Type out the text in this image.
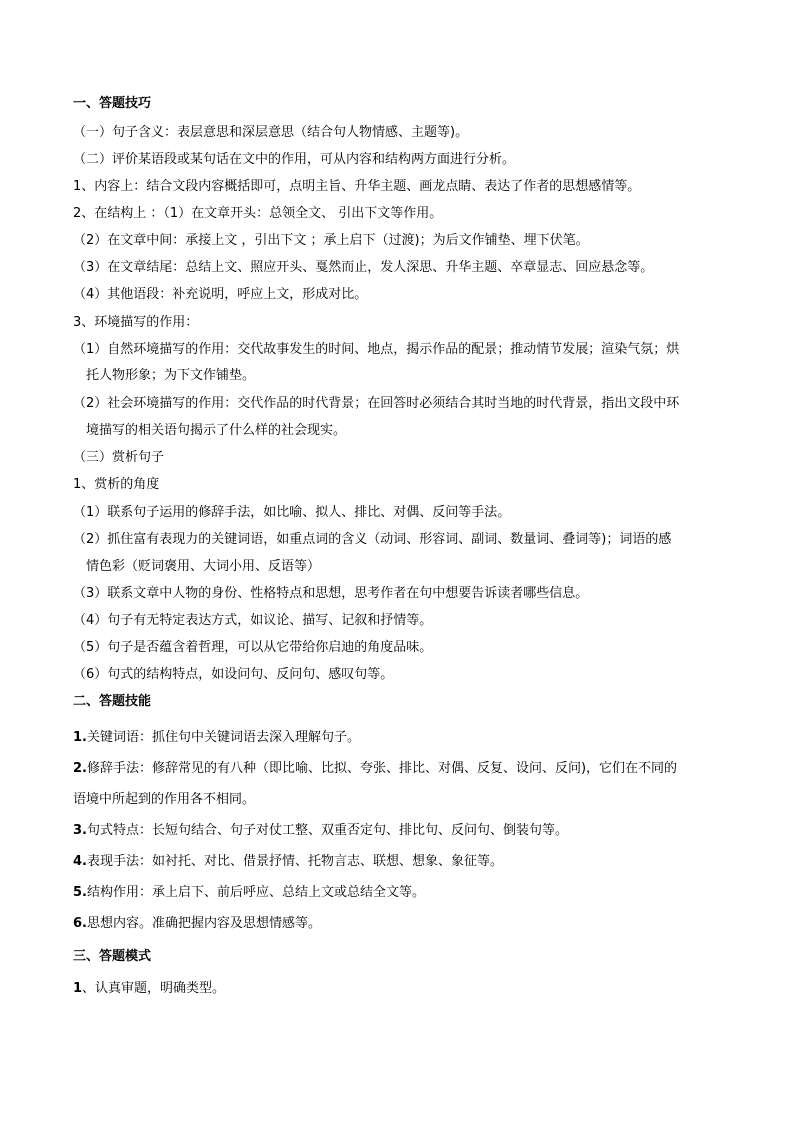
一、答题技巧

（一）句子含义：表层意思和深层意思（结合句人物情感、主题等)。

（二）评价某语段或某句话在文中的作用，可从内容和结构两方面进行分析。

1、内容上：结合文段内容概括即可，点明主旨、升华主题、画龙点睛、表达了作者的思想感情等。

2、在结构上 ：（1）在文章开头：总领全文、 引出下文等作用。

（2）在文章中间：承接上文 ，引出下文 ；承上启下（过渡)；为后文作铺垫、埋下伏笔。

（3）在文章结尾：总结上文、照应开头、戛然而止，发人深思、升华主题、卒章显志、回应悬念等。

（4）其他语段：补充说明，呼应上文，形成对比。

3、环境描写的作用：

（1）自然环境描写的作用：交代故事发生的时间、地点，揭示作品的配景；推动情节发展；渲染气氛；烘

托人物形象；为下文作铺垫。

（2）社会环境描写的作用：交代作品的时代背景；在回答时必须结合其时当地的时代背景，指出文段中环

境描写的相关语句揭示了什么样的社会现实。

（三）赏析句子

1、赏析的角度

（1）联系句子运用的修辞手法，如比喻、拟人、排比、对偶、反问等手法。

（2）抓住富有表现力的关键词语，如重点词的含义（动词、形容词、副词、数量词、叠词等)；词语的感

情色彩（贬词褒用、大词小用、反语等）

（3）联系文章中人物的身份、性格特点和思想，思考作者在句中想要告诉读者哪些信息。

（4）句子有无特定表达方式，如议论、描写、记叙和抒情等。

（5）句子是否蕴含着哲理，可以从它带给你启迪的角度品味。

（6）句式的结构特点，如设问句、反问句、感叹句等。

二、答题技能

1.关键词语：抓住句中关键词语去深入理解句子。

2.修辞手法：修辞常见的有八种（即比喻、比拟、夸张、排比、对偶、反复、设问、反问)，它们在不同的

语境中所起到的作用各不相同。

3.句式特点：长短句结合、句子对仗工整、双重否定句、排比句、反问句、倒装句等。

4.表现手法：如衬托、对比、借景抒情、托物言志、联想、想象、象征等。

5.结构作用：承上启下、前后呼应、总结上文或总结全文等。

6.思想内容。准确把握内容及思想情感等。

三、答题模式

1、认真审题，明确类型。
